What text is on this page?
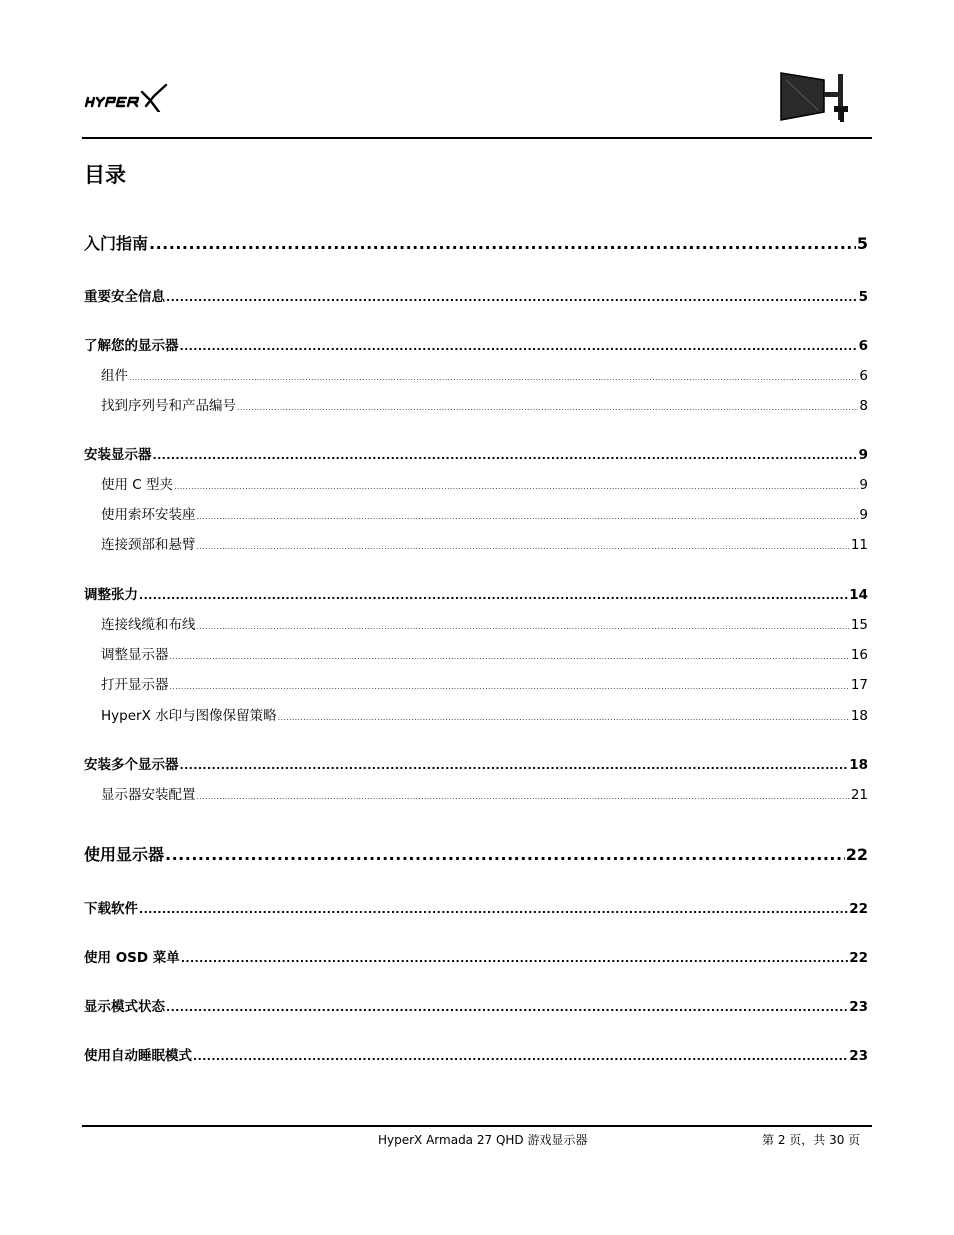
目录
入门指南 .....	5
重要安全信息 .....	5
了解您的显示器 .....	6
组件 .....	6
找到序列号和产品编号 .....	8
安装显示器 .....	9
使用 C 型夹 .....	9
使用索环安装座 .....	9
连接颈部和悬臂 .....	11
调整张力 .....	14
连接线缆和布线 .....	15
调整显示器 .....	16
打开显示器 .....	17
HyperX 水印与图像保留策略 .....	18
安装多个显示器 .....	18
显示器安装配置 .....	21
使用显示器 .....	22
下载软件 .....	22
使用 OSD 菜单 .....	22
显示模式状态 .....	23
使用自动睡眠模式 .....	23
HyperX Armada 27 QHD 游戏显示器	第 2 页，共 30 页
